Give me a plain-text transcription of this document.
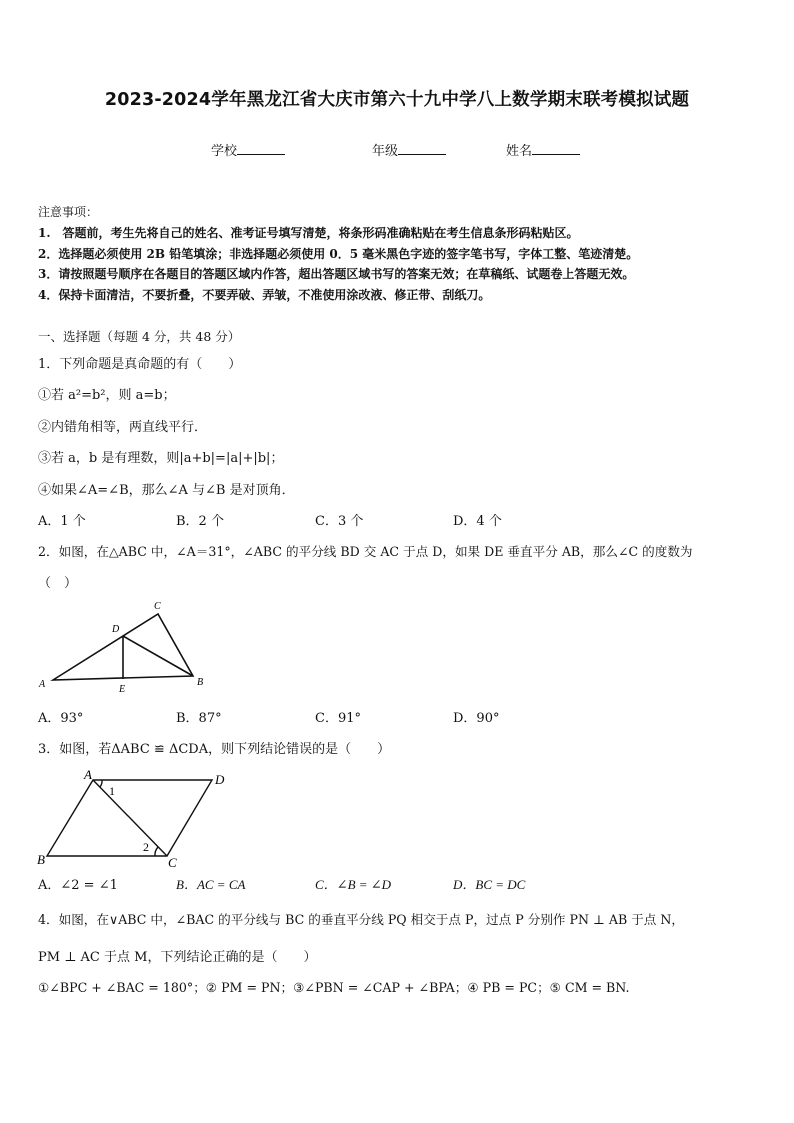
2023-2024学年黑龙江省大庆市第六十九中学八上数学期末联考模拟试题
学校	年级	姓名
注意事项：
1.　答题前，考生先将自己的姓名、准考证号填写清楚，将条形码准确粘贴在考生信息条形码粘贴区。
2．选择题必须使用 2B 铅笔填涂；非选择题必须使用 0．5 毫米黑色字迹的签字笔书写，字体工整、笔迹清楚。
3．请按照题号顺序在各题目的答题区域内作答，超出答题区域书写的答案无效；在草稿纸、试题卷上答题无效。
4．保持卡面清洁，不要折叠，不要弄破、弄皱，不准使用涂改液、修正带、刮纸刀。
一、选择题（每题 4 分，共 48 分）
1．下列命题是真命题的有（　　）
①若 a²=b²，则 a=b；
②内错角相等，两直线平行．
③若 a，b 是有理数，则|a+b|=|a|+|b|；
④如果∠A=∠B，那么∠A 与∠B 是对顶角．
A．1 个	B．2 个	C．3 个	D．4 个
2．如图，在△ABC 中，∠A＝31°，∠ABC 的平分线 BD 交 AC 于点 D，如果 DE 垂直平分 AB，那么∠C 的度数为
（　）
A	B
C
D
E
A．93°	B．87°	C．91°	D．90°
3．如图，若ΔABC ≌ ΔCDA，则下列结论错误的是（　　）
A	D
B	C
1
2
A．∠2 = ∠1	B．AC = CA	C．∠B = ∠D	D．BC = DC
4．如图，在∨ABC 中，∠BAC 的平分线与 BC 的垂直平分线 PQ 相交于点 P，过点 P 分别作 PN ⊥ AB 于点 N，
PM ⊥ AC 于点 M，下列结论正确的是（　　）
①∠BPC + ∠BAC = 180°；② PM = PN；③∠PBN = ∠CAP + ∠BPA；④ PB = PC；⑤ CM = BN.
